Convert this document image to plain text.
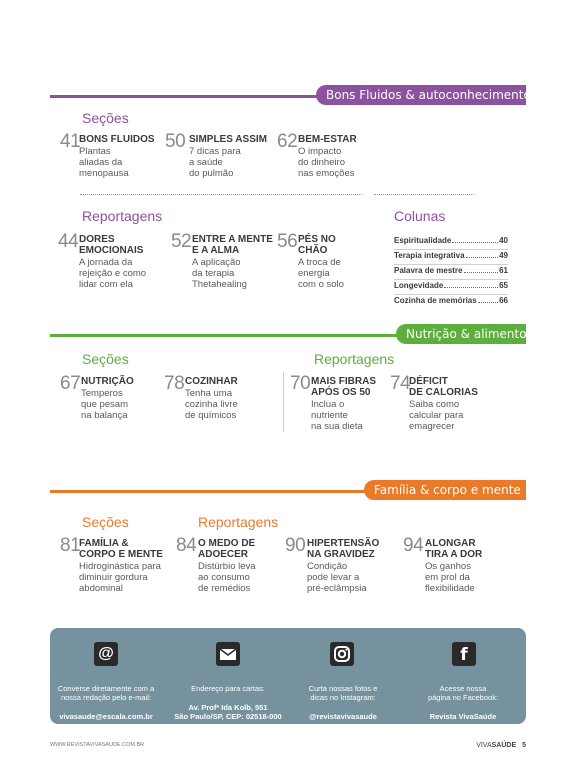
Bons Fluidos & autoconhecimento
Seções
41
BONS FLUIDOS
Plantas
aliadas da
menopausa
50 SIMPLES ASSIM
7 dicas para
a saúde
do pulmão
62 BEM-ESTAR
O impacto
do dinheiro
nas emoções
Reportagens
44 DORES
EMOCIONAIS
A jornada da
rejeição e como
lidar com ela
52 ENTRE A MENTE
E A ALMA
A aplicação
da terapia
Thetahealing
56 PÉS NO
CHÃO
A troca de
energia
com o solo
Colunas
Espiritualidade	40
Terapia integrativa	49
Palavra de mestre	61
Longevidade	65
Cozinha de memórias	66
Nutrição & alimento
Seções	Reportagens
67 NUTRIÇÃO
Temperos
que pesam
na balança
78 COZINHAR
Tenha uma
cozinha livre
de químicos
70 MAIS FIBRAS
APÓS OS 50
Inclua o
nutriente
na sua dieta
74
DÉFICIT
DE CALORIAS
Saiba como
calcular para
emagrecer
Família & corpo e mente
Seções	Reportagens
81
FAMÍLIA &
CORPO E MENTE
Hidroginástica para
diminuir gordura
abdominal
84 O MEDO DE
ADOECER
Distúrbio leva
ao consumo
de remédios
90 HIPERTENSÃO
NA GRAVIDEZ
Condição
pode levar a
pré-eclâmpsia
94 ALONGAR
TIRA A DOR
Os ganhos
em prol da
flexibilidade
@

Converse diretamente com a
nossa redação pelo e-mail:

vivasaude@escala.com.br

Endereço para cartas:

Av. Profª Ida Kolb, 551
São Paulo/SP, CEP: 02518-000

Curta nossas fotos e
dicas no Instagram:

@revistavivasaude

f

Acesse nossa
página no Facebook:

Revista VivaSaúde

WWW.REVISTAVIVASAUDE.COM.BR	VIVASAÚDE 5
